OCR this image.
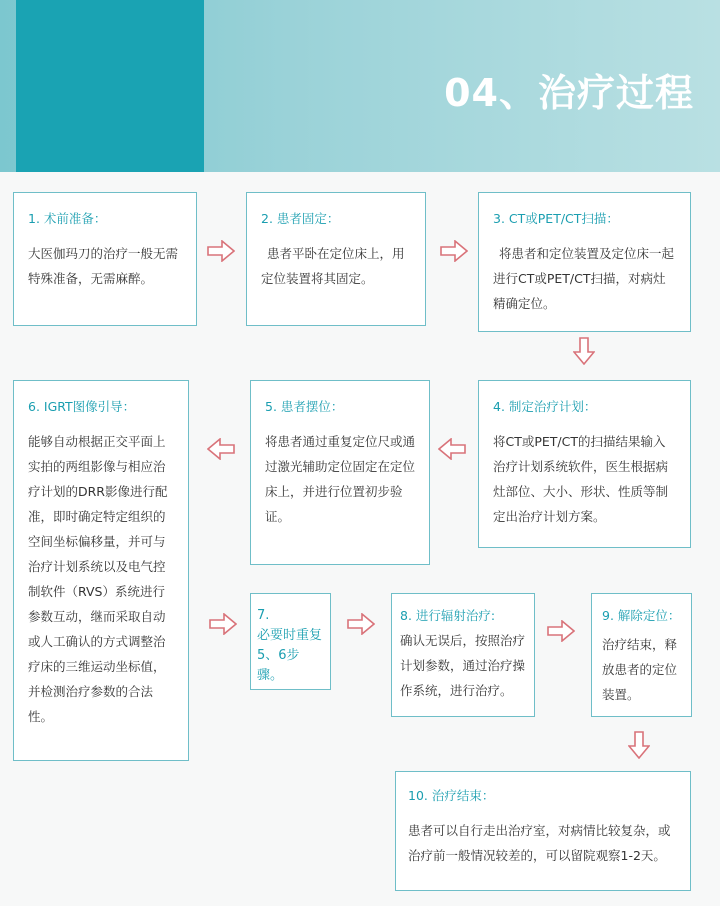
04、治疗过程
1. 术前准备：
大医伽玛刀的治疗一般无需特殊准备，无需麻醉。
2. 患者固定：
患者平卧在定位床上，用定位装置将其固定。
3. CT或PET/CT扫描：
将患者和定位装置及定位床一起进行CT或PET/CT扫描，对病灶精确定位。
6. IGRT图像引导：
能够自动根据正交平面上实拍的两组影像与相应治疗计划的DRR影像进行配准，即时确定特定组织的空间坐标偏移量，并可与治疗计划系统以及电气控制软件（RVS）系统进行参数互动，继而采取自动或人工确认的方式调整治疗床的三维运动坐标值，并检测治疗参数的合法性。
5. 患者摆位：
将患者通过重复定位尺或通过激光辅助定位固定在定位床上，并进行位置初步验证。
4. 制定治疗计划：
将CT或PET/CT的扫描结果输入治疗计划系统软件，医生根据病灶部位、大小、形状、性质等制定出治疗计划方案。
7.
必要时重复
5、6步骤。
8. 进行辐射治疗:
确认无误后，按照治疗计划参数，通过治疗操作系统，进行治疗。
9. 解除定位：
治疗结束，释放患者的定位装置。
10. 治疗结束：
患者可以自行走出治疗室，对病情比较复杂，或治疗前一般情况较差的，可以留院观察1-2天。
